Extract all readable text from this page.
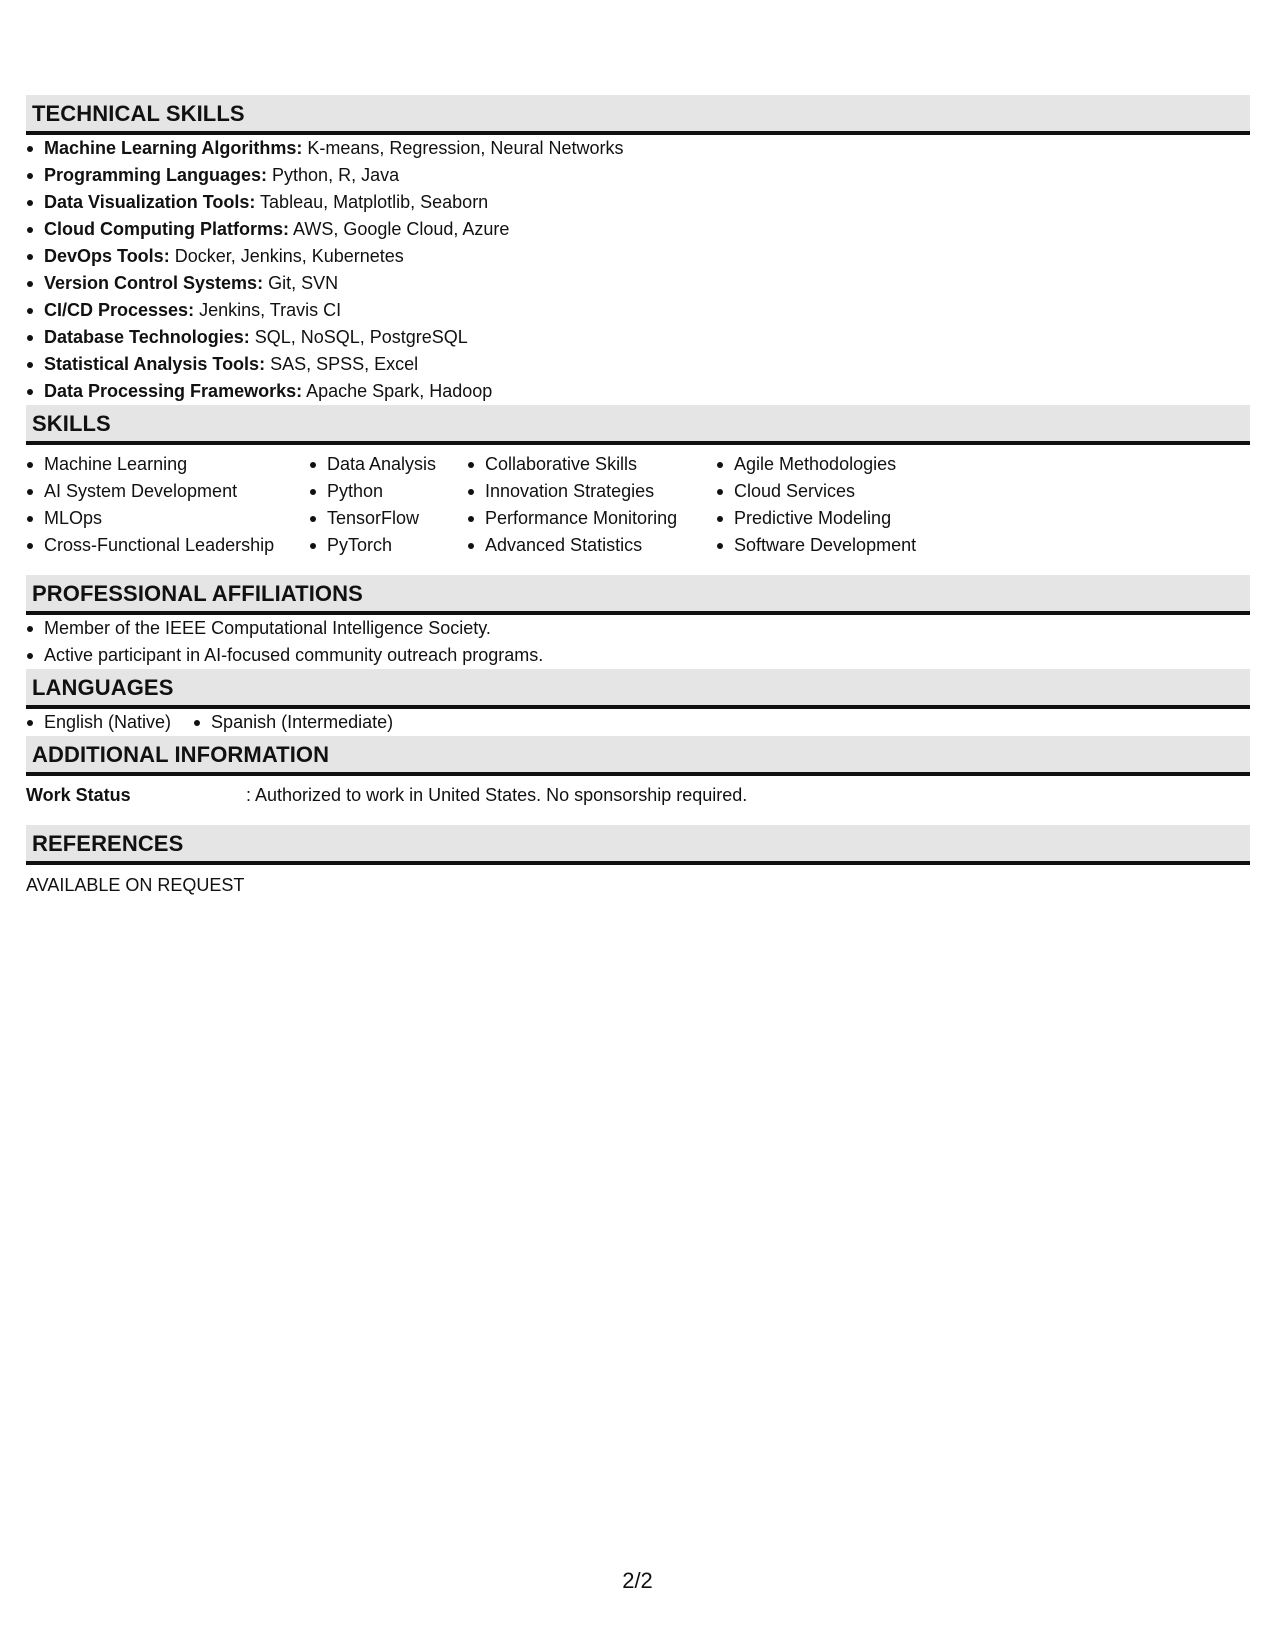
TECHNICAL SKILLS
Machine Learning Algorithms: K-means, Regression, Neural Networks
Programming Languages: Python, R, Java
Data Visualization Tools: Tableau, Matplotlib, Seaborn
Cloud Computing Platforms: AWS, Google Cloud, Azure
DevOps Tools: Docker, Jenkins, Kubernetes
Version Control Systems: Git, SVN
CI/CD Processes: Jenkins, Travis CI
Database Technologies: SQL, NoSQL, PostgreSQL
Statistical Analysis Tools: SAS, SPSS, Excel
Data Processing Frameworks: Apache Spark, Hadoop
SKILLS
Machine Learning
AI System Development
MLOps
Cross-Functional Leadership
Data Analysis
Python
TensorFlow
PyTorch
Collaborative Skills
Innovation Strategies
Performance Monitoring
Advanced Statistics
Agile Methodologies
Cloud Services
Predictive Modeling
Software Development
PROFESSIONAL AFFILIATIONS
Member of the IEEE Computational Intelligence Society.
Active participant in AI-focused community outreach programs.
LANGUAGES
English (Native)	Spanish (Intermediate)
ADDITIONAL INFORMATION
Work Status	: Authorized to work in United States. No sponsorship required.
REFERENCES
AVAILABLE ON REQUEST
2/2
